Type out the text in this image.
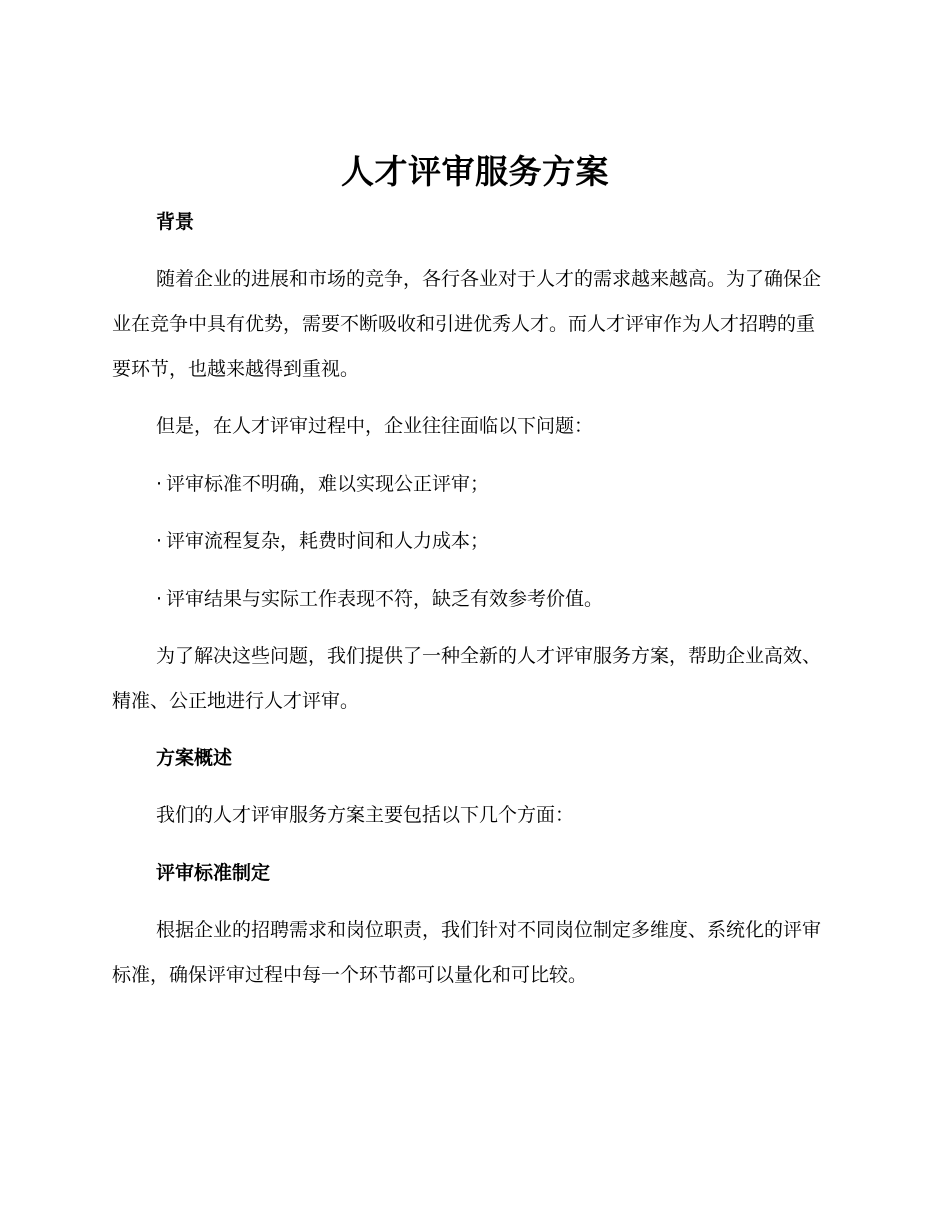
人才评审服务方案
背景

随着企业的进展和市场的竞争，各行各业对于人才的需求越来越高。为了确保企业在竞争中具有优势，需要不断吸收和引进优秀人才。而人才评审作为人才招聘的重要环节，也越来越得到重视。

但是，在人才评审过程中，企业往往面临以下问题：
· 评审标准不明确，难以实现公正评审；
· 评审流程复杂，耗费时间和人力成本；
· 评审结果与实际工作表现不符，缺乏有效参考价值。

为了解决这些问题，我们提供了一种全新的人才评审服务方案，帮助企业高效、精准、公正地进行人才评审。

方案概述
我们的人才评审服务方案主要包括以下几个方面：
评审标准制定

根据企业的招聘需求和岗位职责，我们针对不同岗位制定多维度、系统化的评审标准，确保评审过程中每一个环节都可以量化和可比较。
